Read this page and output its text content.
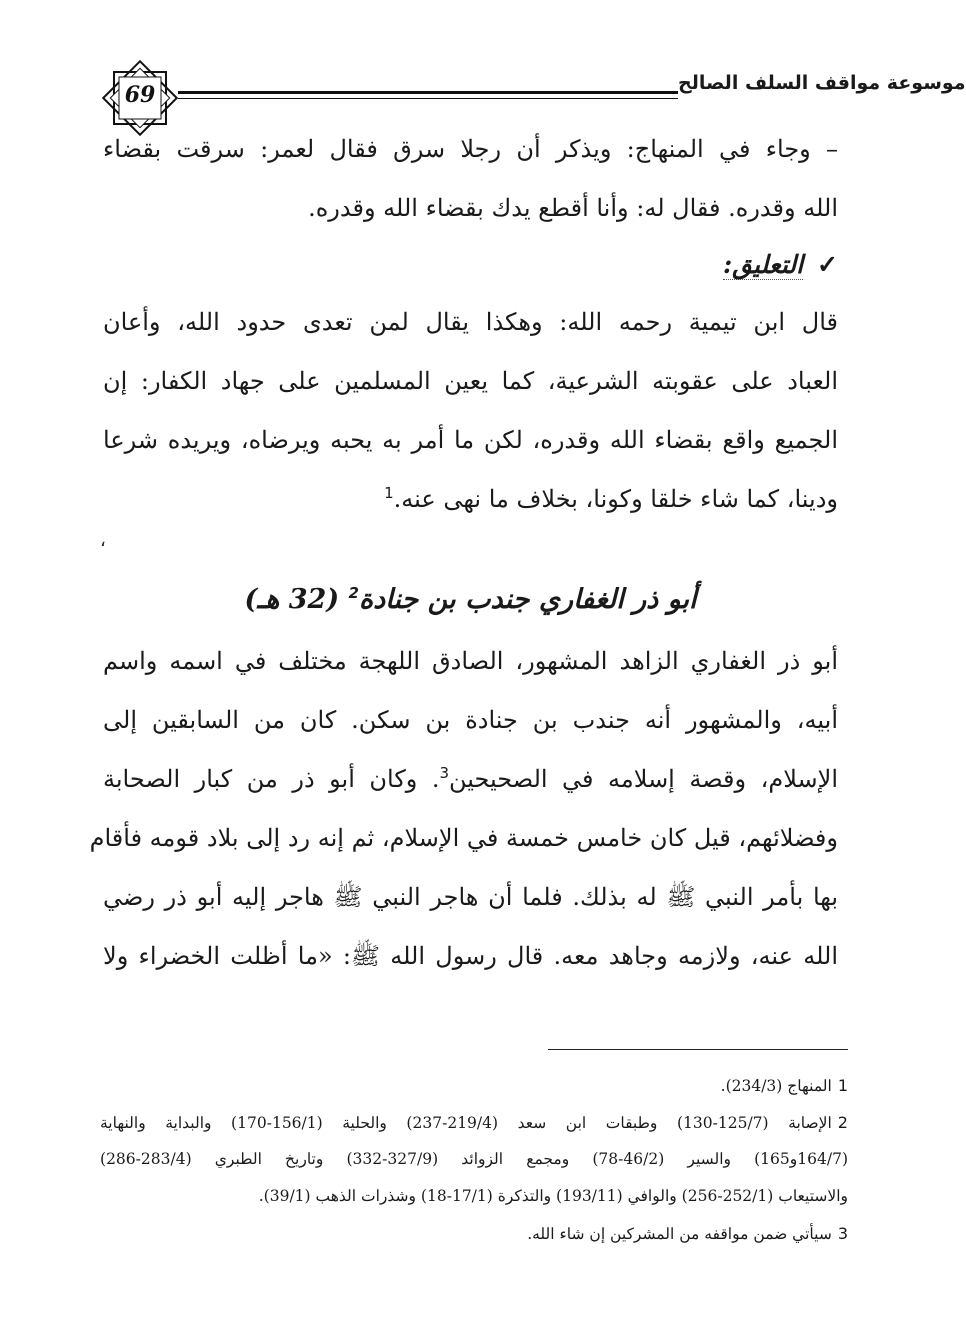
69	موسوعة مواقف السلف الصالح
– وجاء في المنهاج: ويذكر أن رجلا سرق فقال لعمر: سرقت بقضاء
الله وقدره. فقال له: وأنا أقطع يدك بقضاء الله وقدره.
✓التعليق:
قال ابن تيمية رحمه الله: وهكذا يقال لمن تعدى حدود الله، وأعان
العباد على عقوبته الشرعية، كما يعين المسلمين على جهاد الكفار: إن
الجميع واقع بقضاء الله وقدره، لكن ما أمر به يحبه ويرضاه، ويريده شرعا
ودينا، كما شاء خلقا وكونا، بخلاف ما نهى عنه.$^1$
،
أبو ذر الغفاري جندب بن جنادة$^2$ (32 هـ)
أبو ذر الغفاري الزاهد المشهور، الصادق اللهجة مختلف في اسمه واسم
أبيه، والمشهور أنه جندب بن جنادة بن سكن. كان من السابقين إلى
الإسلام، وقصة إسلامه في الصحيحين$^3$. وكان أبو ذر من كبار الصحابة
وفضلائهم، قيل كان خامس خمسة في الإسلام، ثم إنه رد إلى بلاد قومه فأقام
بها بأمر النبي ﷺ له بذلك. فلما أن هاجر النبي ﷺ هاجر إليه أبو ذر رضي
الله عنه، ولازمه وجاهد معه. قال رسول الله ﷺ: «ما أظلت الخضراء ولا
1المنهاج (234/3).
2الإصابة (125/7-130) وطبقات ابن سعد (219/4-237) والحلية (156/1-170) والبداية والنهاية
(164/7و165) والسير (46/2-78) ومجمع الزوائد (327/9-332) وتاريخ الطبري (283/4-286)
والاستيعاب (252/1-256) والوافي (193/11) والتذكرة (17/1-18) وشذرات الذهب (39/1).
3سيأتي ضمن مواقفه من المشركين إن شاء الله.
